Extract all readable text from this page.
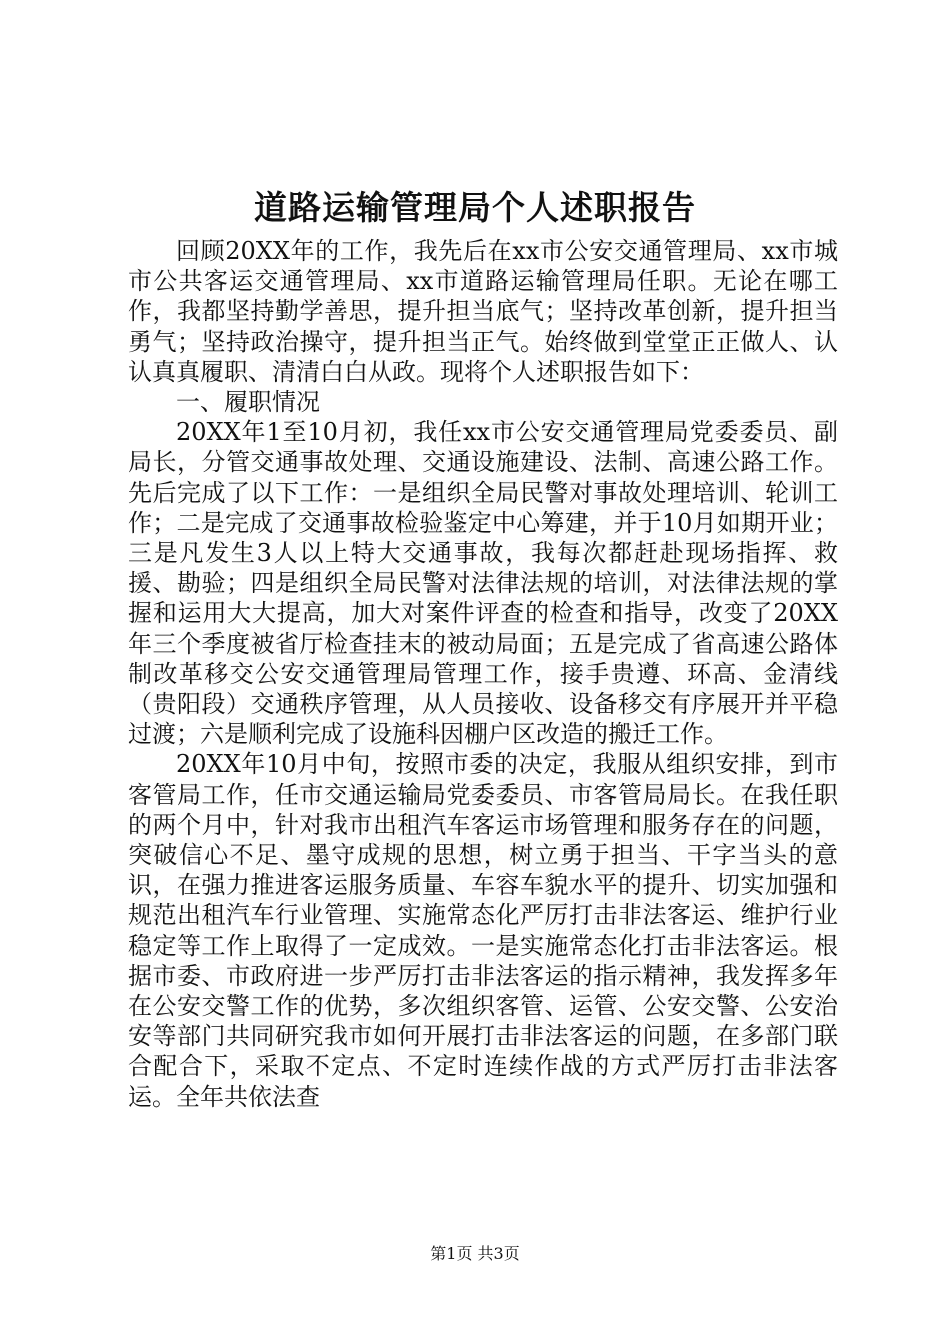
道路运输管理局个人述职报告

回顾20XX年的工作，我先后在xx市公安交通管理局、xx市城市公共客运交通管理局、xx市道路运输管理局任职。无论在哪工作，我都坚持勤学善思，提升担当底气；坚持改革创新，提升担当勇气；坚持政治操守，提升担当正气。始终做到堂堂正正做人、认认真真履职、清清白白从政。现将个人述职报告如下：

一、履职情况

20XX年1至10月初，我任xx市公安交通管理局党委委员、副局长，分管交通事故处理、交通设施建设、法制、高速公路工作。先后完成了以下工作：一是组织全局民警对事故处理培训、轮训工作；二是完成了交通事故检验鉴定中心筹建，并于10月如期开业；三是凡发生3人以上特大交通事故，我每次都赶赴现场指挥、救援、勘验；四是组织全局民警对法律法规的培训，对法律法规的掌握和运用大大提高，加大对案件评查的检查和指导，改变了20XX年三个季度被省厅检查挂末的被动局面；五是完成了省高速公路体制改革移交公安交通管理局管理工作，接手贵遵、环高、金清线（贵阳段）交通秩序管理，从人员接收、设备移交有序展开并平稳过渡；六是顺利完成了设施科因棚户区改造的搬迁工作。

20XX年10月中旬，按照市委的决定，我服从组织安排，到市客管局工作，任市交通运输局党委委员、市客管局局长。在我任职的两个月中，针对我市出租汽车客运市场管理和服务存在的问题，突破信心不足、墨守成规的思想，树立勇于担当、干字当头的意识，在强力推进客运服务质量、车容车貌水平的提升、切实加强和规范出租汽车行业管理、实施常态化严厉打击非法客运、维护行业稳定等工作上取得了一定成效。一是实施常态化打击非法客运。根据市委、市政府进一步严厉打击非法客运的指示精神，我发挥多年在公安交警工作的优势，多次组织客管、运管、公安交警、公安治安等部门共同研究我市如何开展打击非法客运的问题，在多部门联合配合下，采取不定点、不定时连续作战的方式严厉打击非法客运。全年共依法查

第1页 共3页
